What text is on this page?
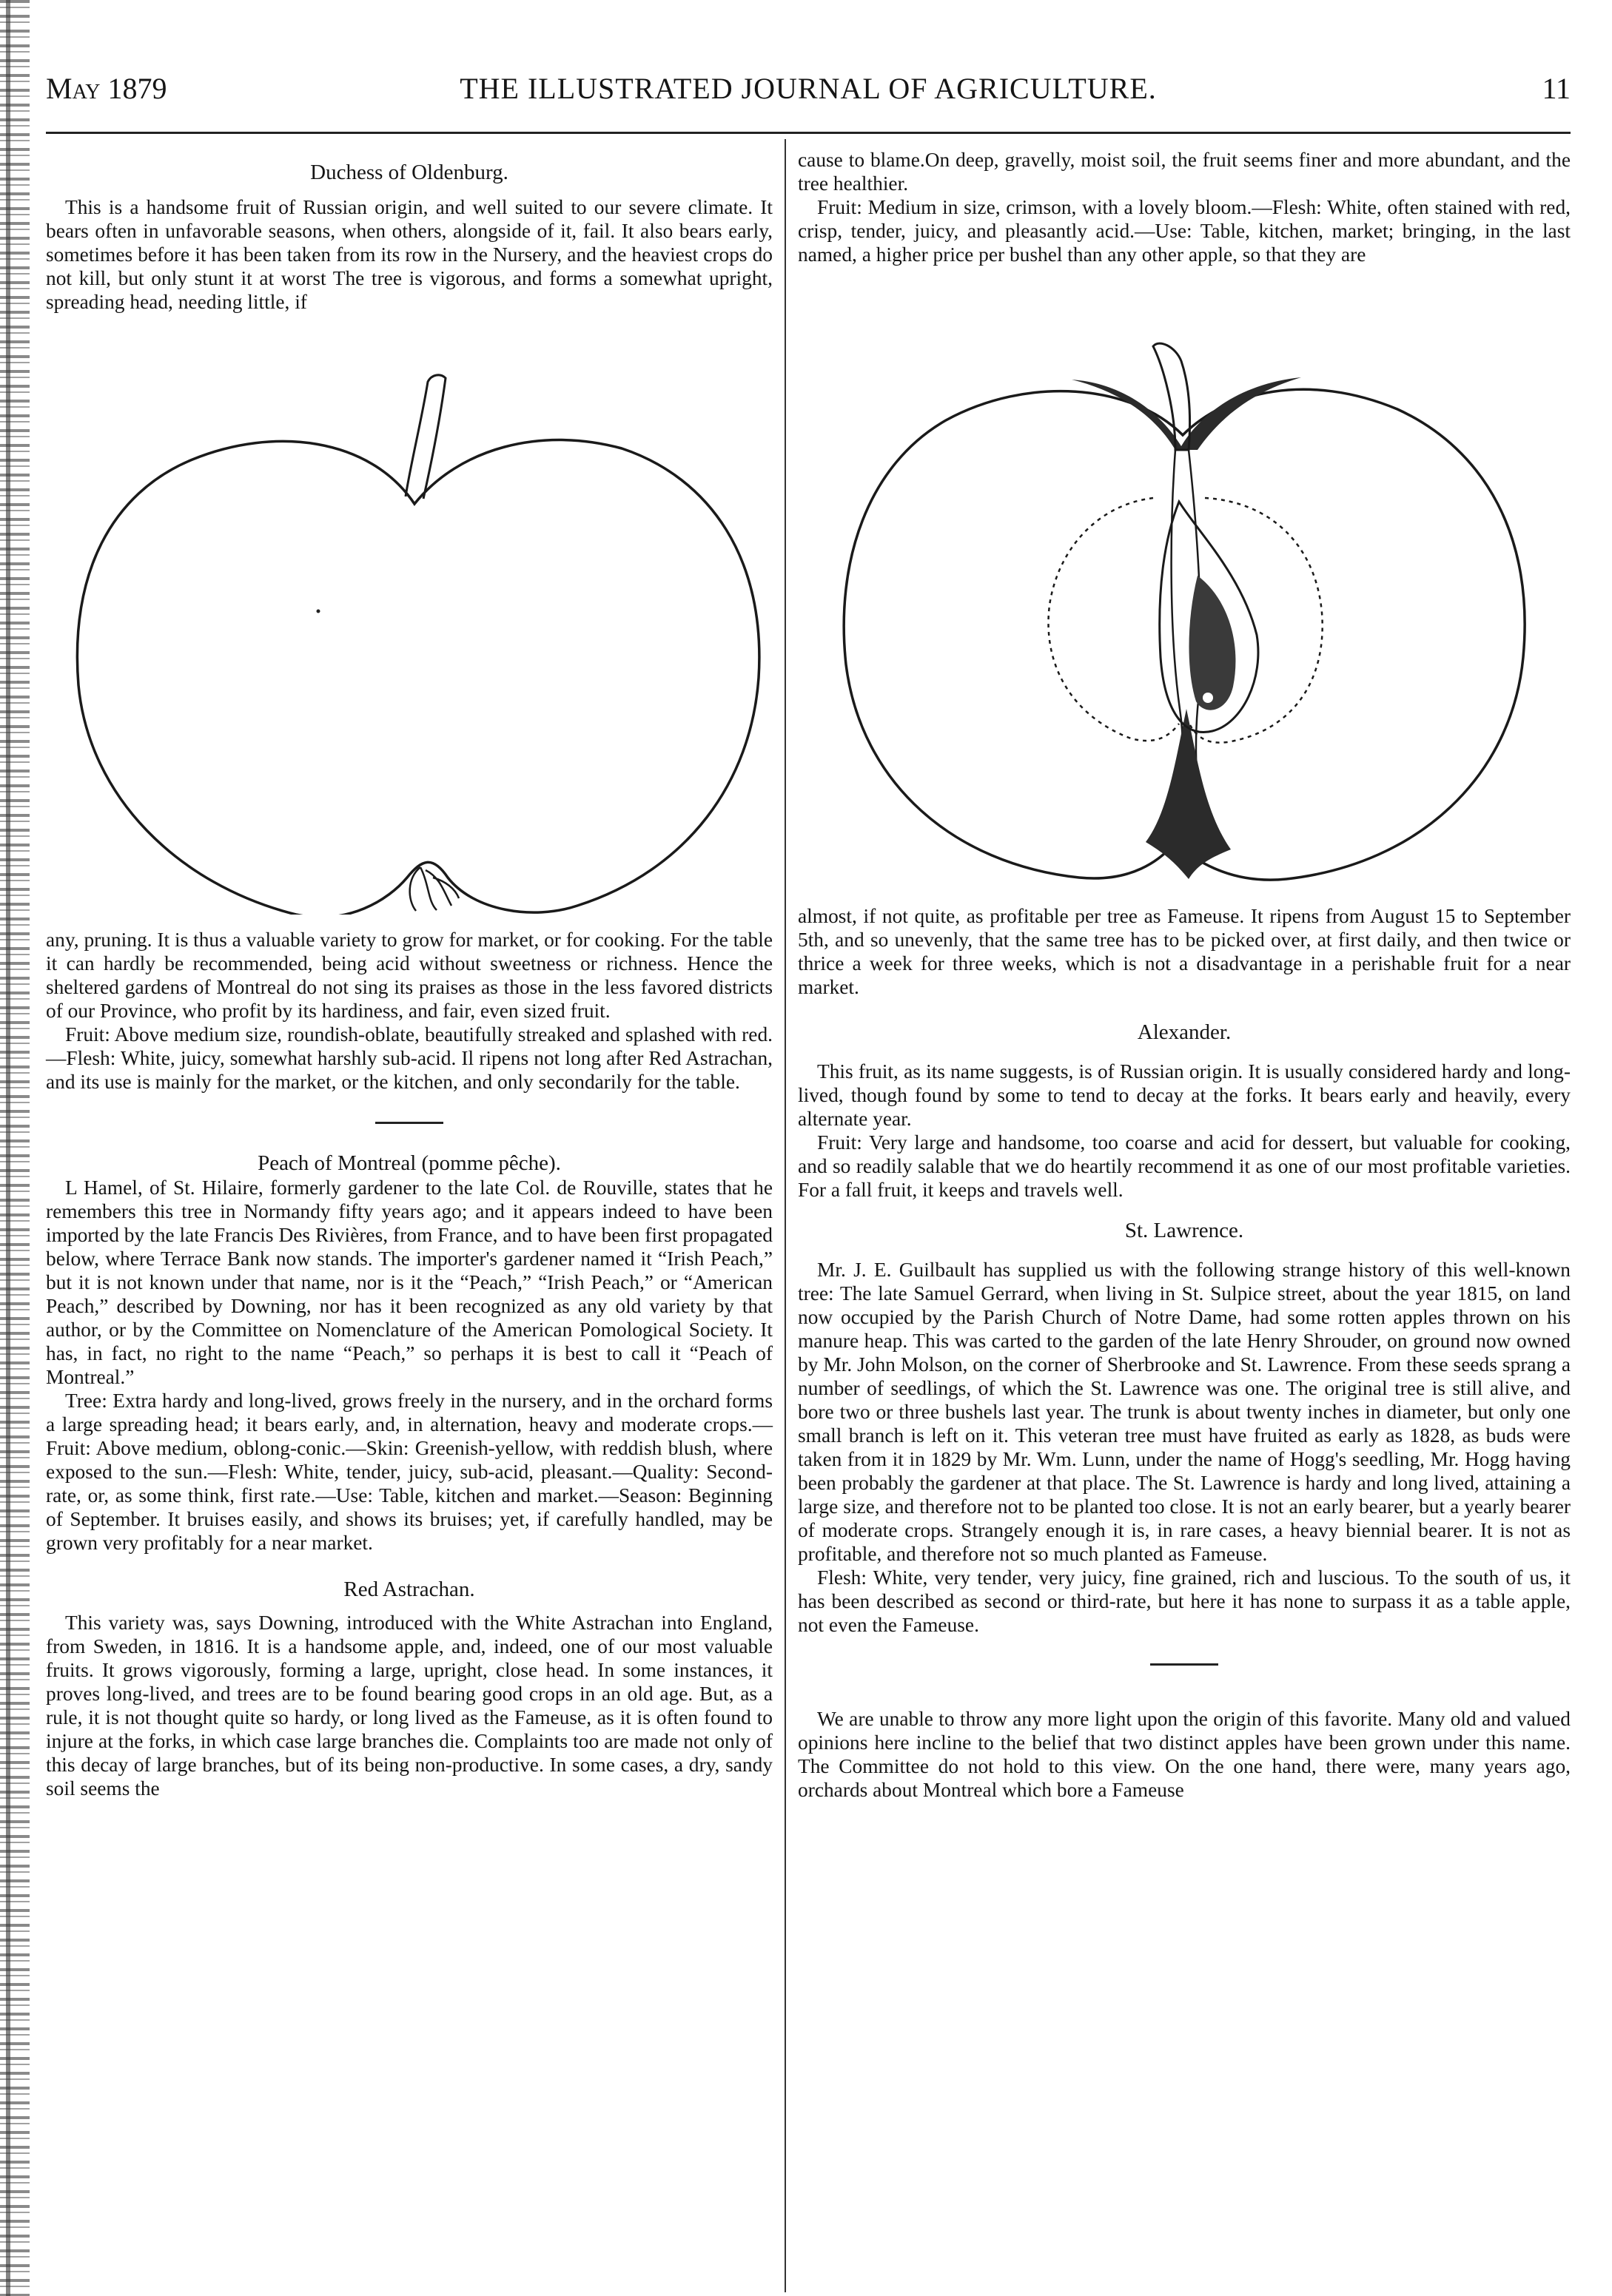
May 1879	THE ILLUSTRATED JOURNAL OF AGRICULTURE.	11
Duchess of Oldenburg.

This is a handsome fruit of Russian origin, and well suited to our severe climate. It bears often in unfavorable seasons, when others, alongside of it, fail. It also bears early, sometimes before it has been taken from its row in the Nursery, and the heaviest crops do not kill, but only stunt it at worst The tree is vigorous, and forms a somewhat upright, spreading head, needing little, if

any, pruning. It is thus a valuable variety to grow for market, or for cooking. For the table it can hardly be recommended, being acid without sweetness or richness. Hence the sheltered gardens of Montreal do not sing its praises as those in the less favored districts of our Province, who profit by its hardiness, and fair, even sized fruit.

Fruit: Above medium size, roundish-oblate, beautifully streaked and splashed with red.—Flesh: White, juicy, somewhat harshly sub-acid. Il ripens not long after Red Astrachan, and its use is mainly for the market, or the kitchen, and only secondarily for the table.

Peach of Montreal (pomme pêche).

L Hamel, of St. Hilaire, formerly gardener to the late Col. de Rouville, states that he remembers this tree in Normandy fifty years ago; and it appears indeed to have been imported by the late Francis Des Rivières, from France, and to have been first propagated below, where Terrace Bank now stands. The importer's gardener named it “Irish Peach,” but it is not known under that name, nor is it the “Peach,” “Irish Peach,” or “American Peach,” described by Downing, nor has it been recognized as any old variety by that author, or by the Committee on Nomenclature of the American Pomological Society. It has, in fact, no right to the name “Peach,” so perhaps it is best to call it “Peach of Montreal.”

Tree: Extra hardy and long-lived, grows freely in the nursery, and in the orchard forms a large spreading head; it bears early, and, in alternation, heavy and moderate crops.—Fruit: Above medium, oblong-conic.—Skin: Greenish-yellow, with reddish blush, where exposed to the sun.—Flesh: White, tender, juicy, sub-acid, pleasant.—Quality: Second-rate, or, as some think, first rate.—Use: Table, kitchen and market.—Season: Beginning of September. It bruises easily, and shows its bruises; yet, if carefully handled, may be grown very profitably for a near market.

Red Astrachan.

This variety was, says Downing, introduced with the White Astrachan into England, from Sweden, in 1816. It is a handsome apple, and, indeed, one of our most valuable fruits. It grows vigorously, forming a large, upright, close head. In some instances, it proves long-lived, and trees are to be found bearing good crops in an old age. But, as a rule, it is not thought quite so hardy, or long lived as the Fameuse, as it is often found to injure at the forks, in which case large branches die. Complaints too are made not only of this decay of large branches, but of its being non-productive. In some cases, a dry, sandy soil seems the

cause to blame.On deep, gravelly, moist soil, the fruit seems finer and more abundant, and the tree healthier.

Fruit: Medium in size, crimson, with a lovely bloom.—Flesh: White, often stained with red, crisp, tender, juicy, and pleasantly acid.—Use: Table, kitchen, market; bringing, in the last named, a higher price per bushel than any other apple, so that they are

almost, if not quite, as profitable per tree as Fameuse. It ripens from August 15 to September 5th, and so unevenly, that the same tree has to be picked over, at first daily, and then twice or thrice a week for three weeks, which is not a disadvantage in a perishable fruit for a near market.

Alexander.

This fruit, as its name suggests, is of Russian origin. It is usually considered hardy and long-lived, though found by some to tend to decay at the forks. It bears early and heavily, every alternate year.

Fruit: Very large and handsome, too coarse and acid for dessert, but valuable for cooking, and so readily salable that we do heartily recommend it as one of our most profitable varieties. For a fall fruit, it keeps and travels well.

St. Lawrence.

Mr. J. E. Guilbault has supplied us with the following strange history of this well-known tree: The late Samuel Gerrard, when living in St. Sulpice street, about the year 1815, on land now occupied by the Parish Church of Notre Dame, had some rotten apples thrown on his manure heap. This was carted to the garden of the late Henry Shrouder, on ground now owned by Mr. John Molson, on the corner of Sherbrooke and St. Lawrence. From these seeds sprang a number of seedlings, of which the St. Lawrence was one. The original tree is still alive, and bore two or three bushels last year. The trunk is about twenty inches in diameter, but only one small branch is left on it. This veteran tree must have fruited as early as 1828, as buds were taken from it in 1829 by Mr. Wm. Lunn, under the name of Hogg's seedling, Mr. Hogg having been probably the gardener at that place. The St. Lawrence is hardy and long lived, attaining a large size, and therefore not to be planted too close. It is not an early bearer, but a yearly bearer of moderate crops. Strangely enough it is, in rare cases, a heavy biennial bearer. It is not as profitable, and therefore not so much planted as Fameuse.

Flesh: White, very tender, very juicy, fine grained, rich and luscious. To the south of us, it has been described as second or third-rate, but here it has none to surpass it as a table apple, not even the Fameuse.

We are unable to throw any more light upon the origin of this favorite. Many old and valued opinions here incline to the belief that two distinct apples have been grown under this name. The Committee do not hold to this view. On the one hand, there were, many years ago, orchards about Montreal which bore a Fameuse
